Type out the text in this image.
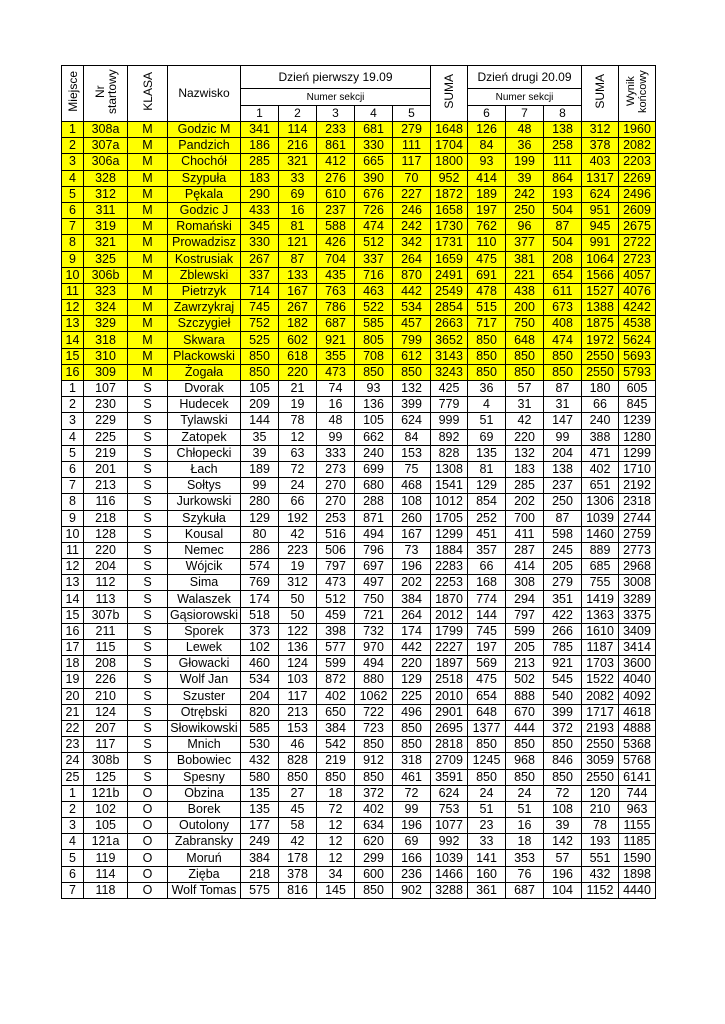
Miejsce	Nr startowy	KLASA	Nazwisko	Dzień pierwszy 19.09					SUMA	Dzień drugi 20.09			SUMA	Wynik końcowy
				Numer sekcji						Numer sekcji				
				1	2	3	4	5		6	7	8		
1	308a	M	Godzic M	341	114	233	681	279	1648	126	48	138	312	1960
2	307a	M	Pandzich	186	216	861	330	111	1704	84	36	258	378	2082
3	306a	M	Chochół	285	321	412	665	117	1800	93	199	111	403	2203
4	328	M	Szypuła	183	33	276	390	70	952	414	39	864	1317	2269
5	312	M	Pękala	290	69	610	676	227	1872	189	242	193	624	2496
6	311	M	Godzic J	433	16	237	726	246	1658	197	250	504	951	2609
7	319	M	Romański	345	81	588	474	242	1730	762	96	87	945	2675
8	321	M	Prowadzisz	330	121	426	512	342	1731	110	377	504	991	2722
9	325	M	Kostrusiak	267	87	704	337	264	1659	475	381	208	1064	2723
10	306b	M	Zblewski	337	133	435	716	870	2491	691	221	654	1566	4057
11	323	M	Pietrzyk	714	167	763	463	442	2549	478	438	611	1527	4076
12	324	M	Zawrzykraj	745	267	786	522	534	2854	515	200	673	1388	4242
13	329	M	Szczygieł	752	182	687	585	457	2663	717	750	408	1875	4538
14	318	M	Skwara	525	602	921	805	799	3652	850	648	474	1972	5624
15	310	M	Plackowski	850	618	355	708	612	3143	850	850	850	2550	5693
16	309	M	Żogała	850	220	473	850	850	3243	850	850	850	2550	5793
1	107	S	Dvorak	105	21	74	93	132	425	36	57	87	180	605
2	230	S	Hudecek	209	19	16	136	399	779	4	31	31	66	845
3	229	S	Tylawski	144	78	48	105	624	999	51	42	147	240	1239
4	225	S	Zatopek	35	12	99	662	84	892	69	220	99	388	1280
5	219	S	Chłopecki	39	63	333	240	153	828	135	132	204	471	1299
6	201	S	Łach	189	72	273	699	75	1308	81	183	138	402	1710
7	213	S	Sołtys	99	24	270	680	468	1541	129	285	237	651	2192
8	116	S	Jurkowski	280	66	270	288	108	1012	854	202	250	1306	2318
9	218	S	Szykuła	129	192	253	871	260	1705	252	700	87	1039	2744
10	128	S	Kousal	80	42	516	494	167	1299	451	411	598	1460	2759
11	220	S	Nemec	286	223	506	796	73	1884	357	287	245	889	2773
12	204	S	Wójcik	574	19	797	697	196	2283	66	414	205	685	2968
13	112	S	Sima	769	312	473	497	202	2253	168	308	279	755	3008
14	113	S	Walaszek	174	50	512	750	384	1870	774	294	351	1419	3289
15	307b	S	Gąsiorowski	518	50	459	721	264	2012	144	797	422	1363	3375
16	211	S	Sporek	373	122	398	732	174	1799	745	599	266	1610	3409
17	115	S	Lewek	102	136	577	970	442	2227	197	205	785	1187	3414
18	208	S	Głowacki	460	124	599	494	220	1897	569	213	921	1703	3600
19	226	S	Wolf Jan	534	103	872	880	129	2518	475	502	545	1522	4040
20	210	S	Szuster	204	117	402	1062	225	2010	654	888	540	2082	4092
21	124	S	Otrębski	820	213	650	722	496	2901	648	670	399	1717	4618
22	207	S	Słowikowski	585	153	384	723	850	2695	1377	444	372	2193	4888
23	117	S	Mnich	530	46	542	850	850	2818	850	850	850	2550	5368
24	308b	S	Bobowiec	432	828	219	912	318	2709	1245	968	846	3059	5768
25	125	S	Spesny	580	850	850	850	461	3591	850	850	850	2550	6141
1	121b	O	Obzina	135	27	18	372	72	624	24	24	72	120	744
2	102	O	Borek	135	45	72	402	99	753	51	51	108	210	963
3	105	O	Outolony	177	58	12	634	196	1077	23	16	39	78	1155
4	121a	O	Zabransky	249	42	12	620	69	992	33	18	142	193	1185
5	119	O	Moruń	384	178	12	299	166	1039	141	353	57	551	1590
6	114	O	Zięba	218	378	34	600	236	1466	160	76	196	432	1898
7	118	O	Wolf Tomas	575	816	145	850	902	3288	361	687	104	1152	4440
